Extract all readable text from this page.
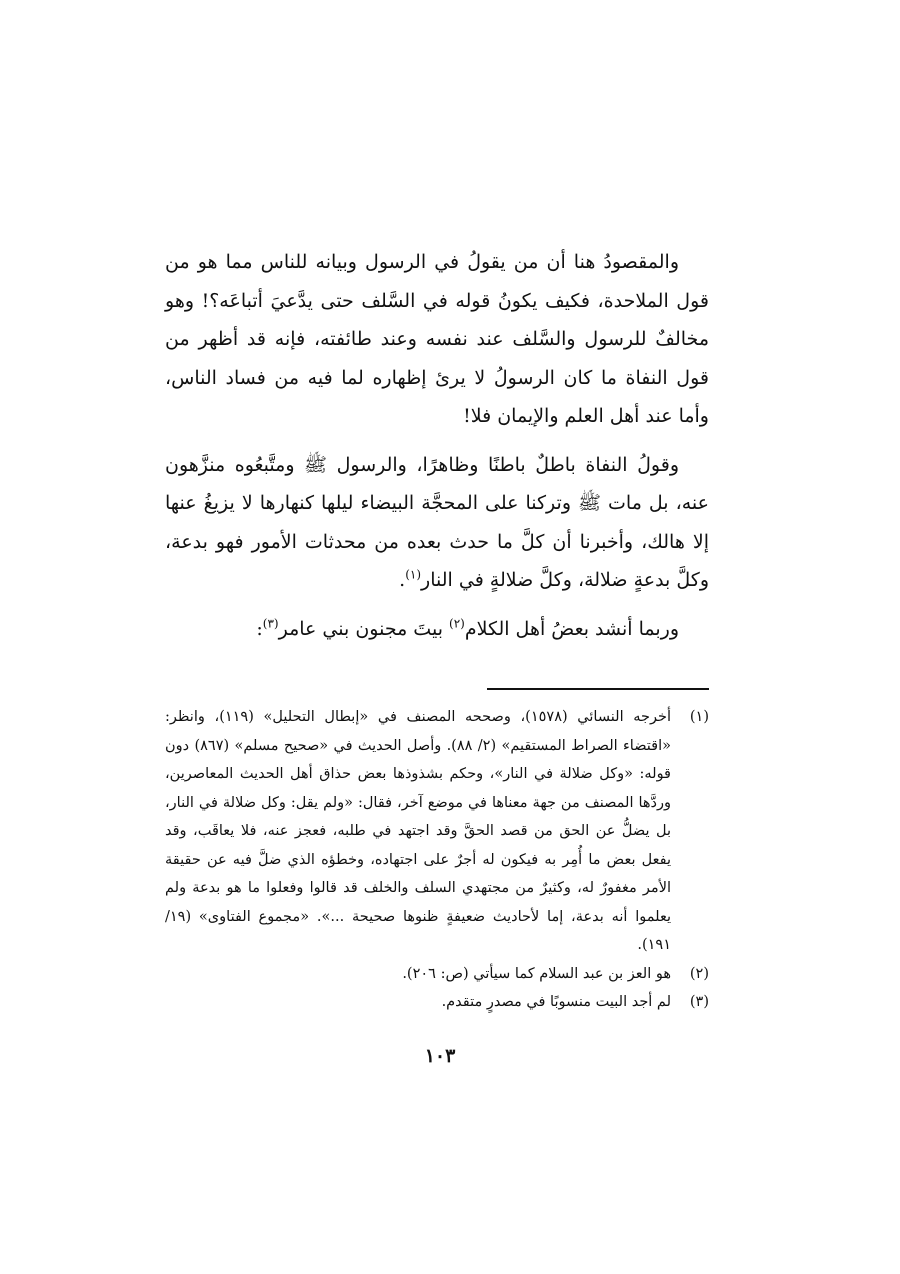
والمقصودُ هنا أن من يقولُ في الرسول وبيانه للناس مما هو من قول الملاحدة، فكيف يكونُ قوله في السَّلف حتى يدَّعيَ أتباعَه؟! وهو مخالفٌ للرسول والسَّلف عند نفسه وعند طائفته، فإنه قد أظهر من قول النفاة ما كان الرسولُ لا يرئ إظهاره لما فيه من فساد الناس، وأما عند أهل العلم والإيمان فلا!

وقولُ النفاة باطلٌ باطنًا وظاهرًا، والرسول ﷺ ومتَّبعُوه منزَّهون عنه، بل مات ﷺ وتركنا على المحجَّة البيضاء ليلها كنهارها لا يزيغُ عنها إلا هالك، وأخبرنا أن كلَّ ما حدث بعده من محدثات الأمور فهو بدعة، وكلَّ بدعةٍ ضلالة، وكلَّ ضلالةٍ في النار$^{(١)}$.

وربما أنشد بعضُ أهل الكلام$^{(٢)}$ بيتَ مجنون بني عامر$^{(٣)}$:

(١)
أخرجه النسائي (١٥٧٨)، وصححه المصنف في «إبطال التحليل» (١١٩)، وانظر: «اقتضاء الصراط المستقيم» (٢/ ٨٨). وأصل الحديث في «صحيح مسلم» (٨٦٧) دون قوله: «وكل ضلالة في النار»، وحكم بشذوذها بعض حذاق أهل الحديث المعاصرين، وردَّها المصنف من جهة معناها في موضع آخر، فقال: «ولم يقل: وكل ضلالة في النار، بل يضلُّ عن الحق من قصد الحقَّ وقد اجتهد في طلبه، فعجز عنه، فلا يعاقَب، وقد يفعل بعض ما أُمِر به فيكون له أجرٌ على اجتهاده، وخطؤه الذي ضلَّ فيه عن حقيقة الأمر مغفورٌ له، وكثيرٌ من مجتهدي السلف والخلف قد قالوا وفعلوا ما هو بدعة ولم يعلموا أنه بدعة، إما لأحاديث ضعيفةٍ ظنوها صحيحة ...». «مجموع الفتاوى» (١٩/ ١٩١).
(٢)
هو العز بن عبد السلام كما سيأتي (ص: ٢٠٦).
(٣)
لم أجد البيت منسوبًا في مصدرٍ متقدم.
١٠٣
